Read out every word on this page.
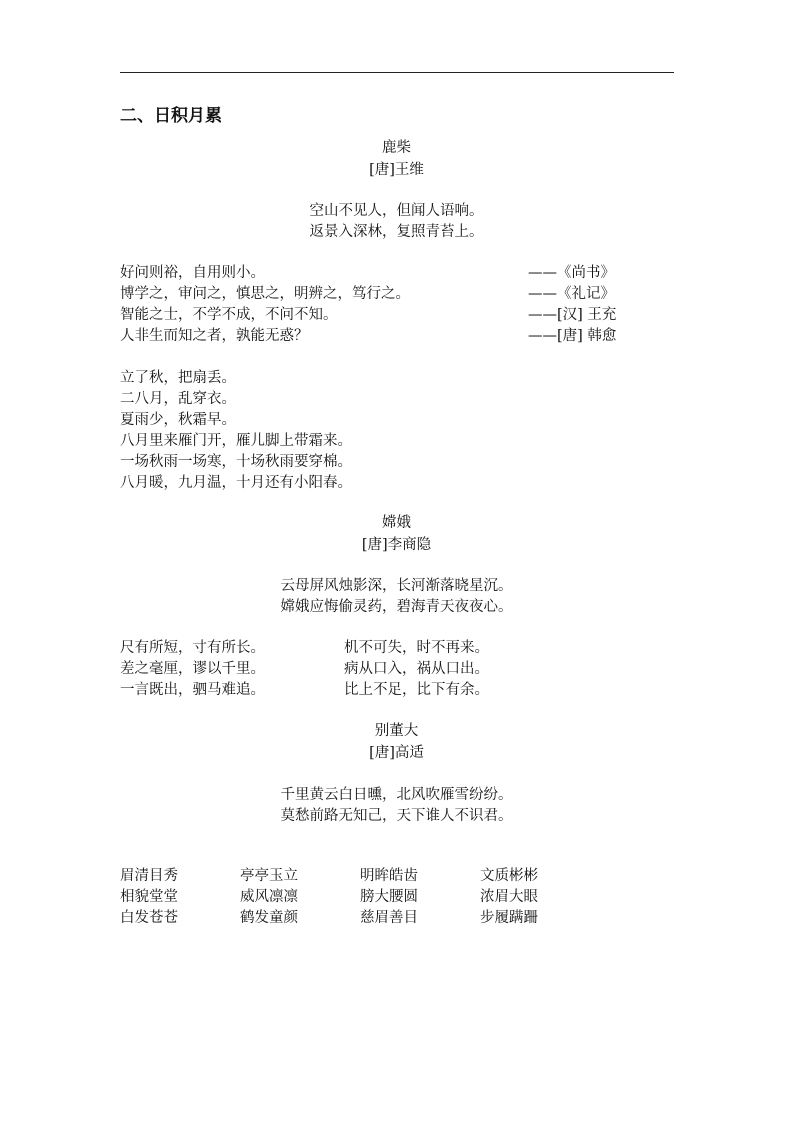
二、日积月累
鹿柴
[唐]王维
空山不见人，但闻人语响。
返景入深林，复照青苔上。
好问则裕，自用则小。	——《尚书》
博学之，审问之，慎思之，明辨之，笃行之。	——《礼记》
智能之士，不学不成，不问不知。	——[汉] 王充
人非生而知之者，孰能无惑？	——[唐] 韩愈
立了秋，把扇丢。
二八月，乱穿衣。
夏雨少，秋霜早。
八月里来雁门开，雁儿脚上带霜来。
一场秋雨一场寒，十场秋雨要穿棉。
八月暖，九月温，十月还有小阳春。
嫦娥
[唐]李商隐
云母屏风烛影深，长河渐落晓星沉。
嫦娥应悔偷灵药，碧海青天夜夜心。
尺有所短，寸有所长。	机不可失，时不再来。
差之毫厘，谬以千里。	病从口入，祸从口出。
一言既出，驷马难追。	比上不足，比下有余。
别董大
[唐]高适
千里黄云白日曛，北风吹雁雪纷纷。
莫愁前路无知己，天下谁人不识君。
眉清目秀	亭亭玉立	明眸皓齿	文质彬彬
相貌堂堂	威风凛凛	膀大腰圆	浓眉大眼
白发苍苍	鹤发童颜	慈眉善目	步履蹒跚
